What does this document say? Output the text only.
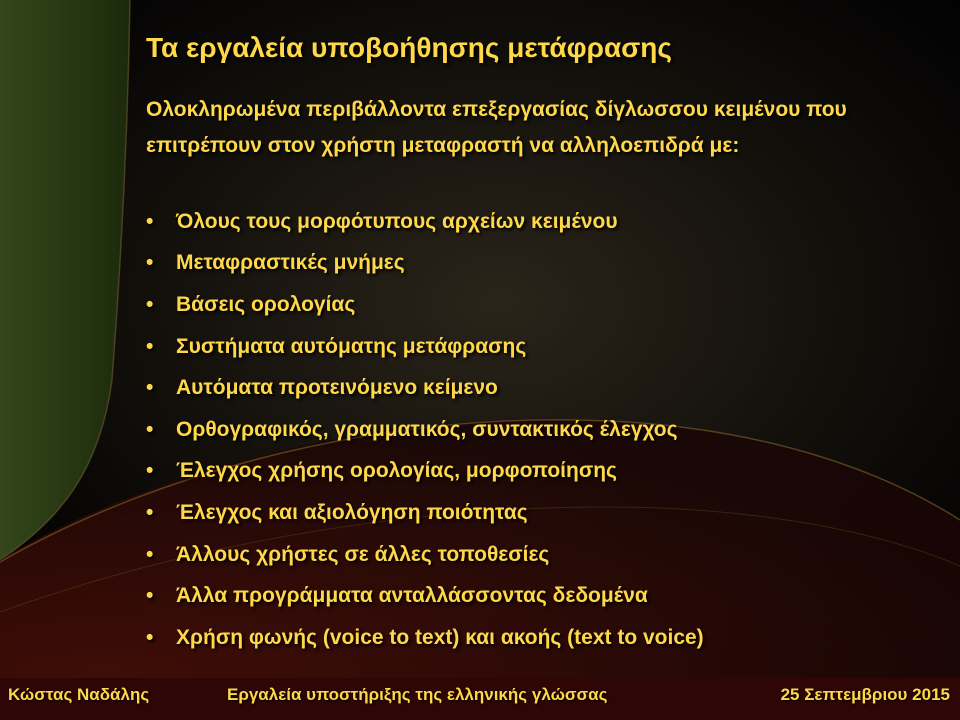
Τα εργαλεία υποβοήθησης μετάφρασης
Ολοκληρωμένα περιβάλλοντα επεξεργασίας δίγλωσσου κειμένου που επιτρέπουν στον χρήστη μεταφραστή να αλληλοεπιδρά με:
•	Όλους τους μορφότυπους αρχείων κειμένου
•	Μεταφραστικές μνήμες
•	Βάσεις ορολογίας
•	Συστήματα αυτόματης μετάφρασης
•	Αυτόματα προτεινόμενο κείμενο
•	Ορθογραφικός, γραμματικός, συντακτικός έλεγχος
•	Έλεγχος χρήσης ορολογίας, μορφοποίησης
•	Έλεγχος και αξιολόγηση ποιότητας
•	Άλλους χρήστες σε άλλες τοποθεσίες
•	Άλλα προγράμματα ανταλλάσσοντας δεδομένα
•	Χρήση φωνής (voice to text) και ακοής (text to voice)
Κώστας Ναδάλης	Εργαλεία υποστήριξης της ελληνικής γλώσσας	25 Σεπτεμβριου 2015
